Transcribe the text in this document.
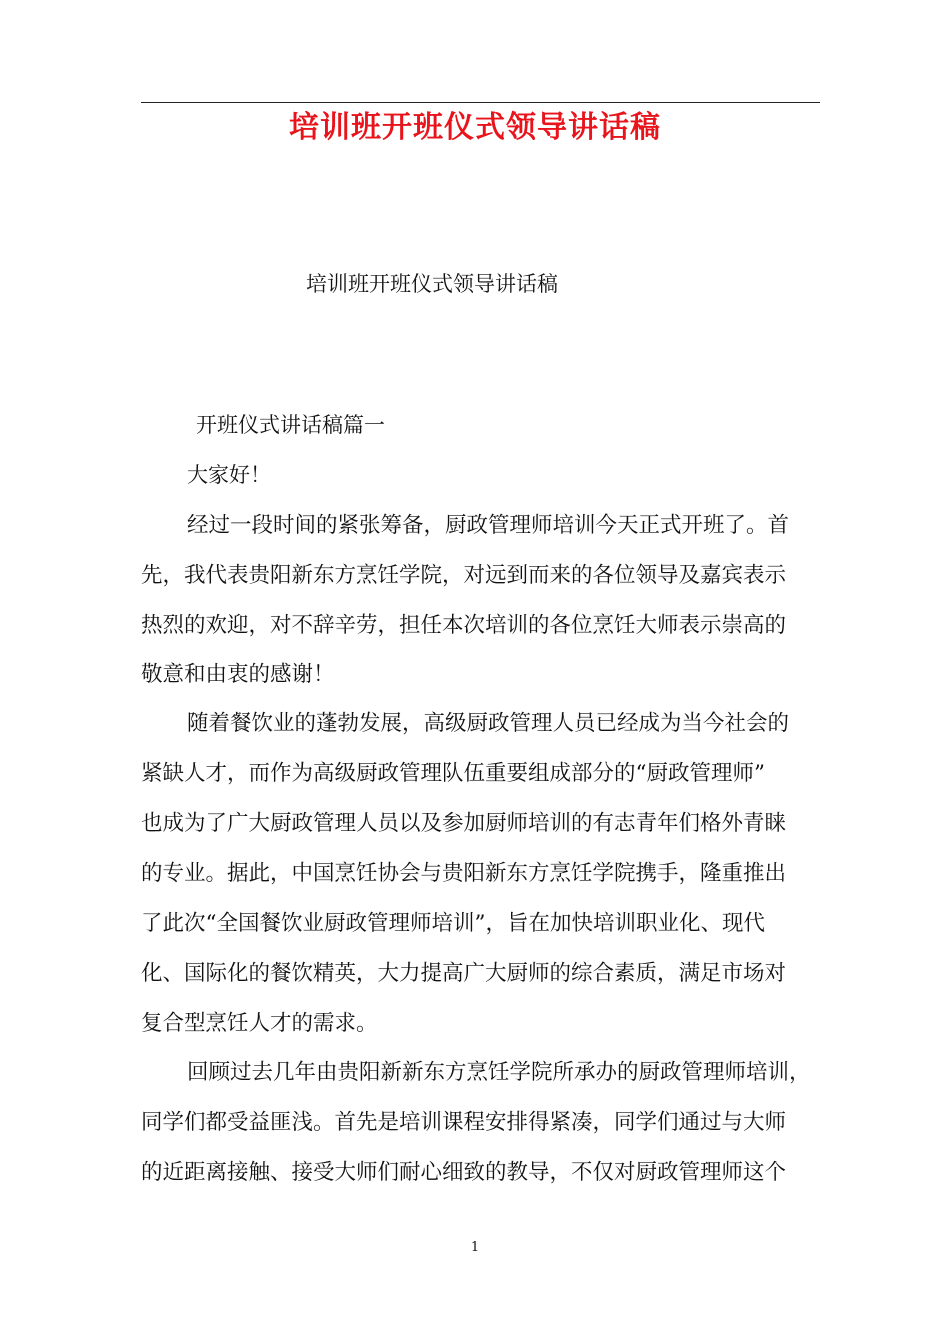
培训班开班仪式领导讲话稿
培训班开班仪式领导讲话稿
开班仪式讲话稿篇一
大家好！
经过一段时间的紧张筹备，厨政管理师培训今天正式开班了。首
先，我代表贵阳新东方烹饪学院，对远到而来的各位领导及嘉宾表示
热烈的欢迎，对不辞辛劳，担任本次培训的各位烹饪大师表示崇高的
敬意和由衷的感谢！
随着餐饮业的蓬勃发展，高级厨政管理人员已经成为当今社会的
紧缺人才，而作为高级厨政管理队伍重要组成部分的“厨政管理师”
也成为了广大厨政管理人员以及参加厨师培训的有志青年们格外青睐
的专业。据此，中国烹饪协会与贵阳新东方烹饪学院携手，隆重推出
了此次“全国餐饮业厨政管理师培训”，旨在加快培训职业化、现代
化、国际化的餐饮精英，大力提高广大厨师的综合素质，满足市场对
复合型烹饪人才的需求。
回顾过去几年由贵阳新新东方烹饪学院所承办的厨政管理师培训，
同学们都受益匪浅。首先是培训课程安排得紧凑，同学们通过与大师
的近距离接触、接受大师们耐心细致的教导，不仅对厨政管理师这个
1
